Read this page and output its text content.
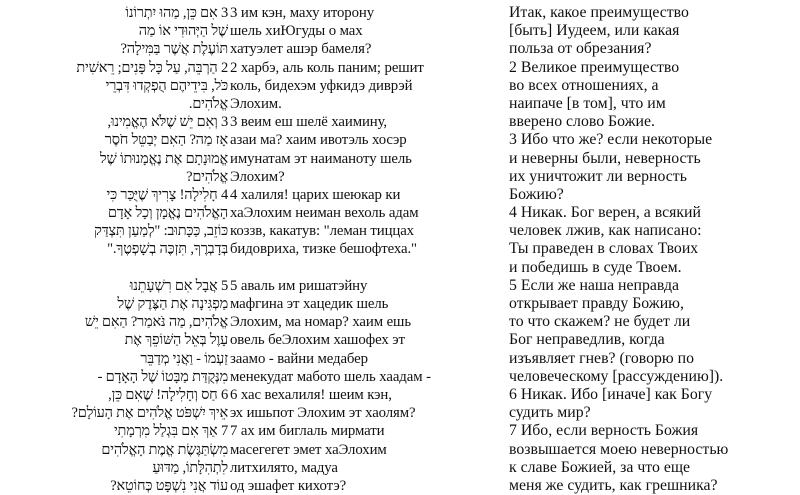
3 אִם כֵּן, מַהוּ יִתְרוֹנוֹ
שֶׁל הַיְּהוּדִי אוֹ מַה
תּוֹעֶלֶת אֲשֶׁר בַּמִּילָה?
2 הַרְבֵּה, עַל כָּל פָּנִים; רֵאשִׁית
כֹּל, בִּידֵיהֶם הֻפְקְדוּ דִּבְרֵי
אֱלֹהִים.
3 וְאִם יֵשׁ שֶׁלֹּא הֶאֱמִינוּ,
אָז מַה? הַאִם יְבַטֵּל חֹסֶר
אֱמוּנָתָם אֶת נֶאֱמָנוּתוֹ שֶׁל
אֱלֹהִים?
4 חָלִילָה! צָרִיךְ שֶׁיֻּכַּר כִּי
הָאֱלֹהִים נֶאֱמָן וְכָל אָדָם
כּוֹזֵב, כַּכָּתוּב: "לְמַעַן תִּצְדַּק
בְּדָבְרֶךָ, תִּזְכֶּה בְשָׁפְטֶךָ."
5 אֲבָל אִם רִשְׁעָתֵנוּ
מַפְגִּינָה אֶת הַצֶּדֶק שֶׁל
אֱלֹהִים, מַה נֹּאמַר? הַאִם יֵשׁ
עָוֶל בְּאֵל הַשּׁוֹפֵךְ אֶת
זַעְמוֹ - וַאֲנִי מְדַבֵּר
מִנְּקֻדַּת מַבָּטוֹ שֶׁל הָאָדָם -
6 חַס וְחָלִילָה! שֶׁאִם כֵּן,
אֵיךְ יִשְׁפֹּט אֱלֹהִים אֶת הָעוֹלָם?
7 אַךְ אִם בִּגְלַל מִרְמָתִי
מִשְׂתַּגֶּשֶׂת אֱמֶת הָאֱלֹהִים
לִתְהִלָּתוֹ, מַדּוּעַ
עוֹד אֲנִי נִשְׁפָּט כְּחוֹטֵא?
3 им кэн, маху иторону
шель хиЮгуды о мах
хатуэлет ашэр бамеля?
2 харбэ, аль коль паним; решит
коль, бидехэм уфкидэ диврэй
Элохим.
3 веим еш шелё хаимину,
азаи ма? хаим ивотэль хосэр
имунатам эт наиманоту шель
Элохим?
4 халиля! царих шеюкар ки
хаЭлохим неиман вехоль адам
коззв, какатув: "леман тиццах
бидовриха, тизке бешофтеха."
5 аваль им ришатэйну
мафгина эт хацедик шель
Элохим, ма номар? хаим ешь
овель беЭлохим хашофех эт
заамо - вайни медабер
менекудат мабото шель хаадам -
6 хас вехалиля! шеим кэн,
эх ишьпот Элохим эт хаолям?
7 ах им биглаль мирмати
масегегет эмет хаЭлохим
литхилято, мадуа
од эшафет кихотэ?
Итак, какое преимущество
[быть] Иудеем, или какая
польза от обрезания?
2 Великое преимущество
во всех отношениях, а
наипаче [в том], что им
вверено слово Божие.
3 Ибо что же? если некоторые
и неверны были, неверность
их уничтожит ли верность
Божию?
4 Никак. Бог верен, а всякий
человек лжив, как написано:
Ты праведен в словах Твоих
и победишь в суде Твоем.
5 Если же наша неправда
открывает правду Божию,
то что скажем? не будет ли
Бог неправедлив, когда
изъявляет гнев? (говорю по
человеческому [рассуждению]).
6 Никак. Ибо [иначе] как Богу
судить мир?
7 Ибо, если верность Божия
возвышается моею неверностью
к славе Божией, за что еще
меня же судить, как грешника?
